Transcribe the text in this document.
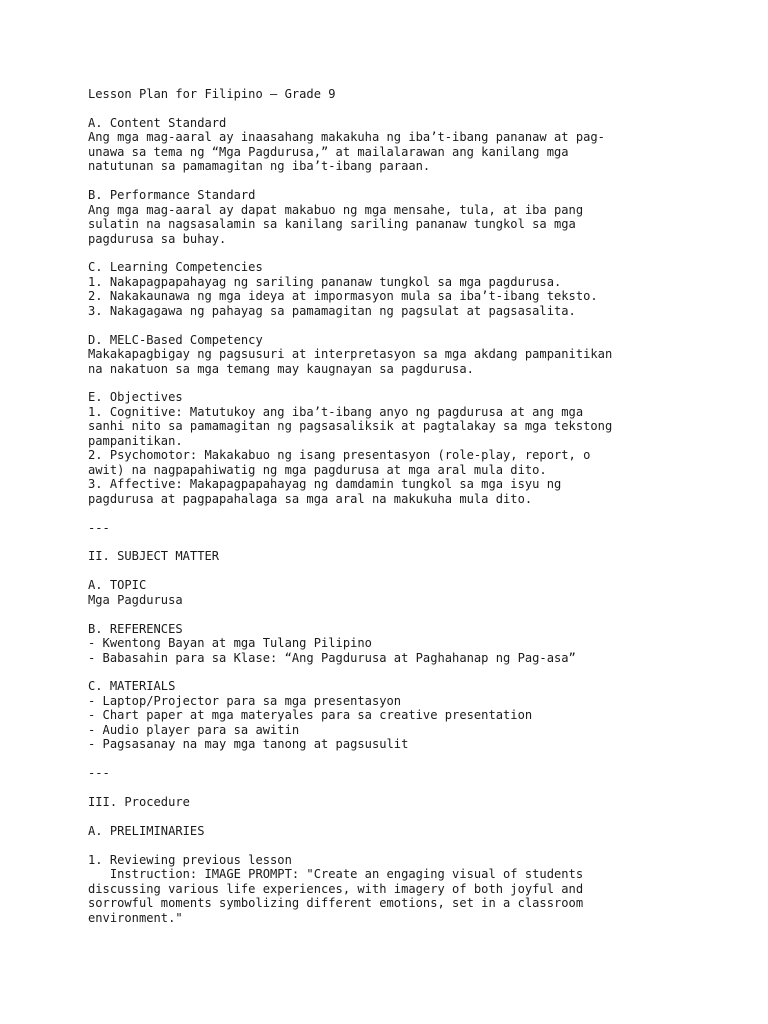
Lesson Plan for Filipino – Grade 9
A. Content Standard
Ang mga mag-aaral ay inaasahang makakuha ng iba’t-ibang pananaw at pag-
unawa sa tema ng “Mga Pagdurusa,” at mailalarawan ang kanilang mga
natutunan sa pamamagitan ng iba’t-ibang paraan.
B. Performance Standard
Ang mga mag-aaral ay dapat makabuo ng mga mensahe, tula, at iba pang
sulatin na nagsasalamin sa kanilang sariling pananaw tungkol sa mga
pagdurusa sa buhay.
C. Learning Competencies
1. Nakapagpapahayag ng sariling pananaw tungkol sa mga pagdurusa.
2. Nakakaunawa ng mga ideya at impormasyon mula sa iba’t-ibang teksto.
3. Nakagagawa ng pahayag sa pamamagitan ng pagsulat at pagsasalita.
D. MELC-Based Competency
Makakapagbigay ng pagsusuri at interpretasyon sa mga akdang pampanitikan
na nakatuon sa mga temang may kaugnayan sa pagdurusa.
E. Objectives
1. Cognitive: Matutukoy ang iba’t-ibang anyo ng pagdurusa at ang mga
sanhi nito sa pamamagitan ng pagsasaliksik at pagtalakay sa mga tekstong
pampanitikan.
2. Psychomotor: Makakabuo ng isang presentasyon (role-play, report, o
awit) na nagpapahiwatig ng mga pagdurusa at mga aral mula dito.
3. Affective: Makapagpapahayag ng damdamin tungkol sa mga isyu ng
pagdurusa at pagpapahalaga sa mga aral na makukuha mula dito.
---
II. SUBJECT MATTER
A. TOPIC
Mga Pagdurusa
B. REFERENCES
- Kwentong Bayan at mga Tulang Pilipino
- Babasahin para sa Klase: “Ang Pagdurusa at Paghahanap ng Pag-asa”
C. MATERIALS
- Laptop/Projector para sa mga presentasyon
- Chart paper at mga materyales para sa creative presentation
- Audio player para sa awitin
- Pagsasanay na may mga tanong at pagsusulit
---
III. Procedure
A. PRELIMINARIES
1. Reviewing previous lesson
Instruction: IMAGE PROMPT: "Create an engaging visual of students
discussing various life experiences, with imagery of both joyful and
sorrowful moments symbolizing different emotions, set in a classroom
environment."
